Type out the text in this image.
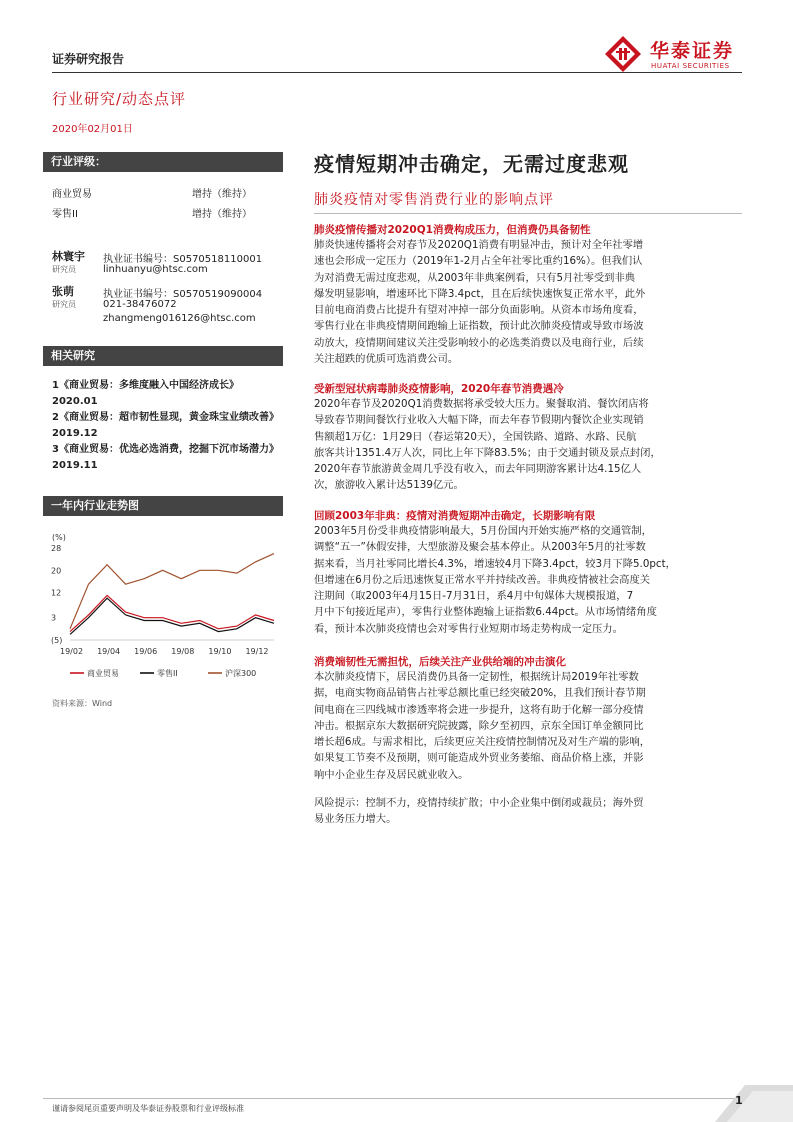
证券研究报告
行业研究/动态点评
2020年02月01日
华泰证券
HUATAI SECURITIES
行业评级：
商业贸易	增持（维持）
零售II	增持（维持）
林寰宇
研究员
执业证书编号：S0570518110001
linhuanyu@htsc.com
张萌
研究员
执业证书编号：S0570519090004
021-38476072
zhangmeng016126@htsc.com
相关研究
1《商业贸易：多维度融入中国经济成长》2020.01
2《商业贸易：超市韧性显现，黄金珠宝业绩改善》2019.12
3《商业贸易：优选必选消费，挖掘下沉市场潜力》2019.11
一年内行业走势图
(%)
28
20
12
3
(5)
19/02 19/04 19/06 19/08 19/10 19/12
商业贸易	零售II	沪深300
资料来源：Wind
疫情短期冲击确定，无需过度悲观
肺炎疫情对零售消费行业的影响点评
肺炎疫情传播对2020Q1消费构成压力，但消费仍具备韧性
肺炎快速传播将会对春节及2020Q1消费有明显冲击，预计对全年社零增
速也会形成一定压力（2019年1-2月占全年社零比重约16%）。但我们认
为对消费无需过度悲观，从2003年非典案例看，只有5月社零受到非典
爆发明显影响，增速环比下降3.4pct，且在后续快速恢复正常水平，此外
目前电商消费占比提升有望对冲掉一部分负面影响。从资本市场角度看，
零售行业在非典疫情期间跑输上证指数，预计此次肺炎疫情或导致市场波
动放大，疫情期间建议关注受影响较小的必选类消费以及电商行业，后续
关注超跌的优质可选消费公司。
受新型冠状病毒肺炎疫情影响，2020年春节消费遇冷
2020年春节及2020Q1消费数据将承受较大压力。聚餐取消、餐饮闭店将
导致春节期间餐饮行业收入大幅下降，而去年春节假期内餐饮企业实现销
售额超1万亿：1月29日（春运第20天），全国铁路、道路、水路、民航
旅客共计1351.4万人次，同比上年下降83.5%；由于交通封锁及景点封闭，
2020年春节旅游黄金周几乎没有收入，而去年同期游客累计达4.15亿人
次，旅游收入累计达5139亿元。
回顾2003年非典：疫情对消费短期冲击确定，长期影响有限
2003年5月份受非典疫情影响最大，5月份国内开始实施严格的交通管制，
调整“五一”休假安排，大型旅游及聚会基本停止。从2003年5月的社零数
据来看，当月社零同比增长4.3%，增速较4月下降3.4pct，较3月下降5.0pct，
但增速在6月份之后迅速恢复正常水平并持续改善。非典疫情被社会高度关
注期间（取2003年4月15日-7月31日，系4月中旬媒体大规模报道，7
月中下旬接近尾声），零售行业整体跑输上证指数6.44pct。从市场情绪角度
看，预计本次肺炎疫情也会对零售行业短期市场走势构成一定压力。
消费端韧性无需担忧，后续关注产业供给端的冲击演化
本次肺炎疫情下，居民消费仍具备一定韧性，根据统计局2019年社零数
据，电商实物商品销售占社零总额比重已经突破20%，且我们预计春节期
间电商在三四线城市渗透率将会进一步提升，这将有助于化解一部分疫情
冲击。根据京东大数据研究院披露，除夕至初四，京东全国订单金额同比
增长超6成。与需求相比，后续更应关注疫情控制情况及对生产端的影响，
如果复工节奏不及预期，则可能造成外贸业务萎缩、商品价格上涨，并影
响中小企业生存及居民就业收入。
风险提示：控制不力，疫情持续扩散；中小企业集中倒闭或裁员；海外贸
易业务压力增大。
谨请参阅尾页重要声明及华泰证券股票和行业评级标准
1
